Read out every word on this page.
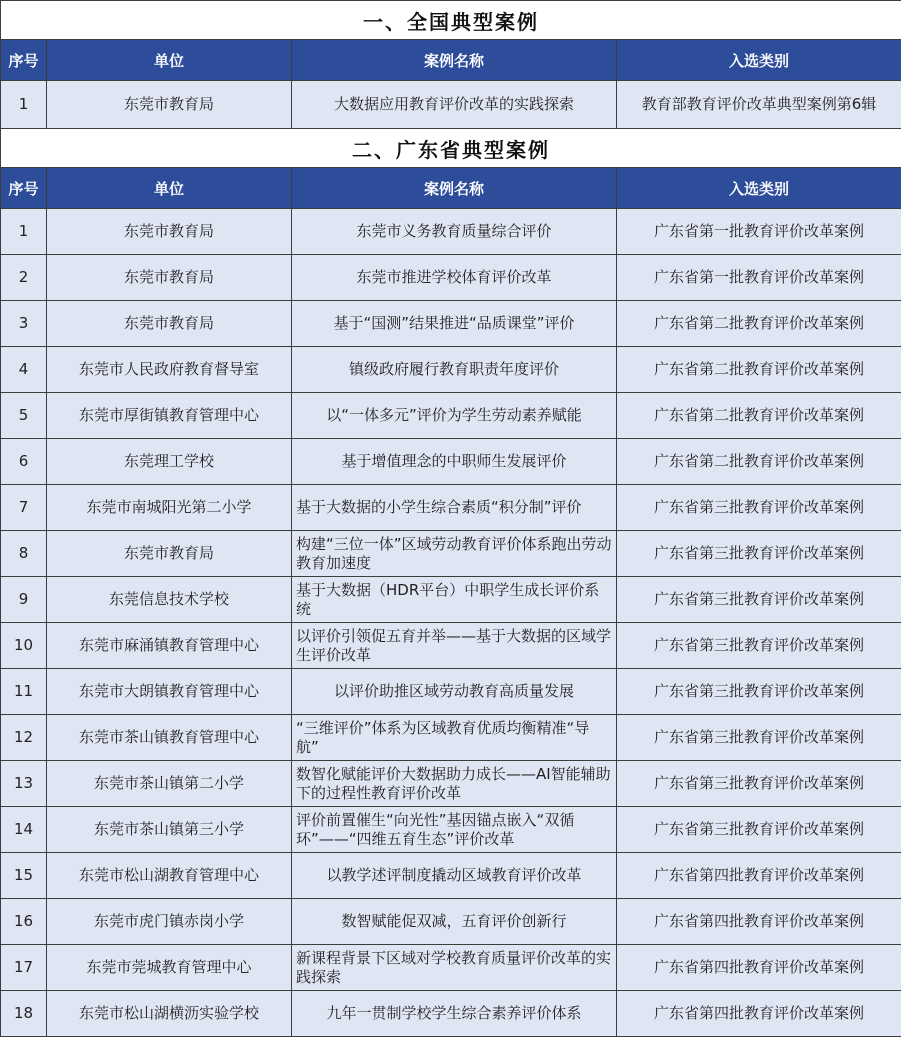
一、全国典型案例			
序号	单位	案例名称	入选类别
1	东莞市教育局	大数据应用教育评价改革的实践探索	教育部教育评价改革典型案例第6辑
二、广东省典型案例			
序号	单位	案例名称	入选类别
1	东莞市教育局	东莞市义务教育质量综合评价	广东省第一批教育评价改革案例
2	东莞市教育局	东莞市推进学校体育评价改革	广东省第一批教育评价改革案例
3	东莞市教育局	基于“国测”结果推进“品质课堂”评价	广东省第二批教育评价改革案例
4	东莞市人民政府教育督导室	镇级政府履行教育职责年度评价	广东省第二批教育评价改革案例
5	东莞市厚街镇教育管理中心	以“一体多元”评价为学生劳动素养赋能	广东省第二批教育评价改革案例
6	东莞理工学校	基于增值理念的中职师生发展评价	广东省第二批教育评价改革案例
7	东莞市南城阳光第二小学	基于大数据的小学生综合素质“积分制”评价	广东省第三批教育评价改革案例
8	东莞市教育局	构建“三位一体”区域劳动教育评价体系跑出劳动教育加速度	广东省第三批教育评价改革案例
9	东莞信息技术学校	基于大数据（HDR平台）中职学生成长评价系统	广东省第三批教育评价改革案例
10	东莞市麻涌镇教育管理中心	以评价引领促五育并举——基于大数据的区域学生评价改革	广东省第三批教育评价改革案例
11	东莞市大朗镇教育管理中心	以评价助推区域劳动教育高质量发展	广东省第三批教育评价改革案例
12	东莞市茶山镇教育管理中心	“三维评价”体系为区域教育优质均衡精准“导航”	广东省第三批教育评价改革案例
13	东莞市茶山镇第二小学	数智化赋能评价大数据助力成长——AI智能辅助下的过程性教育评价改革	广东省第三批教育评价改革案例
14	东莞市茶山镇第三小学	评价前置催生“向光性”基因锚点嵌入“双循环”——“四维五育生态”评价改革	广东省第三批教育评价改革案例
15	东莞市松山湖教育管理中心	以教学述评制度撬动区域教育评价改革	广东省第四批教育评价改革案例
16	东莞市虎门镇赤岗小学	数智赋能促双减，五育评价创新行	广东省第四批教育评价改革案例
17	东莞市莞城教育管理中心	新课程背景下区域对学校教育质量评价改革的实践探索	广东省第四批教育评价改革案例
18	东莞市松山湖横沥实验学校	九年一贯制学校学生综合素养评价体系	广东省第四批教育评价改革案例
